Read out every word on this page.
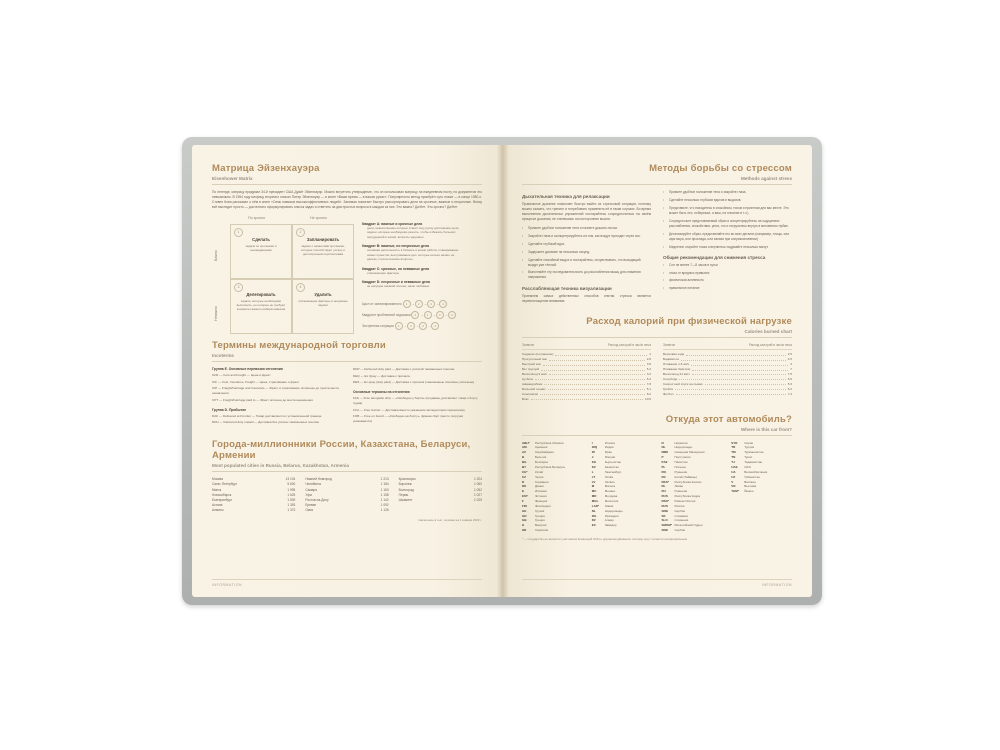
Матрица Эйзенхауэра
Eisenhower Matrix
По легенде, матрицу придумал 34-й президент США Дуайт Эйзенхауэр. Можно встретить утверждение, что он использовал матрицу на ежедневном посту, но документов это невозможно. В 1954 году матрицу вторично описал Питер Эйзенхауэр — в книге «Ваше время — в ваших руках». Популярность метод приобрёл чуть позже — в конце 1980-х. Стивен Кови рассказал о нём в книге «Семь навыков высокоэффективных людей». Занимая помогает быстро рассортировать дела на срочные, важные и несрочные. Внизу всё выглядит просто — достаточно сформулировать список задач и ответить на два простых вопроса в каждом из них: Это важно? Да/Нет. Это срочно? Да/Нет
По срочно	Не срочно
Важно
Неважно
1
Сделать
задачи со срочными и неожиданными
2
Запланировать
задачи с немногими срочными, которые способствуют успеху и долгосрочным перспективам
3
Делегировать
задачи, которые необходимо выполнить, но которые не требуют конкретно вашего набора навыков
4
Удалить
отвлекающие факторы и ненужные задачи
Квадрат A: важные и срочные дела
дела, невыполнение которых ставит под угрозу достижение цели; задачи, которые необходимо решить, чтобы избежать больших затруднений в жизни; вопросы здоровья
Квадрат B: важные, но несрочные дела
основная деятельность в бизнесе и жизни работа; планирование новых проектов; выстраивание дел, которые нельзя начать не далеко; стратегические вопросы
Квадрат C: срочные, но неважные дела
отвлекающие факторы
Квадрат D: несрочные и неважные дела
не несущие никакой пользы; наши любимые
Цикл от запланированного 1 → 2 → 3 → 4
Квадрант проблемной подсказки 2 → 1 → 3 → 4
Экстренная ситуация 1 → 3 → 2 → 4
Термины международной торговли
Incoterms
Группа E. Основные перевозки отгонения
CFR — Cost and Freight — Цена и фрахт
CIF — Cost, Insurance, Freight — Цена, страхование и фрахт
CIP — Freight/Carriage and Insurance — Фрахт и страхование оплачены до пункта места назначения
CPT — Freight/Carriage paid to — Фрахт оплачен до места назначения
Группа D. Прибытие
DAF — Delivered at Frontier — Товар доставляется к установленной границе
DDU — Delivered duty unpaid — Доставка без уплаты таможенных пошлин
DDP — Delivered duty paid — Доставка с уплатой таможенных пошлин
DEQ — Ex Quay — Доставка с причала
DES — Ex quay (duty paid) — Доставка с причала (таможенные пошлины уплачены)
Основные термины на отгонения
FAS — Free alongside ship — «Свободно у борта» (продавец доставляет товар к борту судна)
FCA — Free Carrier — Доставка вместо указанном экспедитором перевозчику
FOB — Free on board — «Свободно на борту», франко-борт (место погрузки указывается)
Города-миллионники России, Казахстана, Беларуси, Армении
Most populated cities in Russia, Belarus, Kazakhstan, Armenia
Москва	13 104
Санкт-Петербург	5 600
Минск	1 995
Новосибирск	1 625
Екатеринбург	1 539
Астана	1 393
Алматы	1 373
Нижний Новгород	1 213
Челябинск	1 184
Самара	1 163
Уфа	1 158
Ростов-на-Дону	1 142
Ереван	1 092
Омск	1 126
Красноярск	1 204
Воронеж	1 060
Волгоград	1 052
Пермь	1 027
Шымкент	1 025
Население в тыс. человек на 1 января 2023 г.
INFORMATION
Методы борьбы со стрессом
Methods against stress
Дыхательная техника для релаксации
Правильное дыхание позволяет быстро выйти из стрессовой ситуации, поэтому можно сказать, что тренинг и потребовать применить её в такие случаях. Во время выполнения дыхательных упражнений постарайтесь сосредоточиться на своём процессе дыхания, не отвлекаясь на посторонние мысли.
• Примите удобное положение тела и начните дышать носом.
• Закройте глаза и сконцентрируйтесь на том, как воздух проходит через нос.
• Сделайте глубокий вдох.
• Задержите дыхание на несколько секунд.
• Сделайте спокойный выдох и постарайтесь, почувствовать, что выходящий воздух уже тёплый.
• Выполняйте эту последовательность до расслабления мышц для снижения напряжения.
Расслабляющая техника визуализации
Приемлем самых действенных способов снятия стресса является перевоплощение внимания.
• Примите удобное положение тела и закройте глаза.
• Сделайте несколько глубоких вдохов и выдохов.
• Представьте, что находитесь в спокойном, тихом и приятном для вас месте. Это может быть лес, побережье, а ваш, на плояние в т.ч.)
• Сосредоточьте представляемый образ и концентрируйтесь на ощущениях расслабления, спокойствия, уюта, что и погрузитесь внутрь в мгновения глубже.
• Детализируйте образ, представляйте его во всех деталях (например, птицы, или шум моря, или прохлада, или запахи при соприкосновении)
• Медленно откройте глаза и вернитесь подумайте несколько минут.
Общие рекомендации для снижения стресса
• Сон не менее 7—8 часов в сутки
• отказ от вредных привычек
• физическая активность
• правильное питание
Расход калорий при физической нагрузке
Calories burned chart
Занятие	Расход калорий в час/кг веса
Сидение (положение)	1
Прогулочный шаг	2.8
Быстрый шаг	3.8
Бег трусцой	5.4
Велосипед 9 км/ч	3.2
Ау-йога	6.4
Аквааэробика	7.8
Большой теннис	5.1
Альпинизм	8.2
Бокс	10.6
Занятие	Расход калорий в час/кг веса
Верховая езда	2.5
Бадминтон	4.5
Плавание 1.6 км/ч	3
Плавание брассом	7
Велосипед 21 км/ч	7.5
Сноуборд	5.6
Скоростной спуск на лыжах	5.3
Гребля	5.2
Футбол	7.4
Откуда этот автомобиль?
Where is this car from?
ABH*	Республика Абхазия
AM	Армения
AZ	Азербайджан
B	Бельгия
BG	Болгария
BY	Республика Беларусь
CH*	Китай
CZ	Чехия
D	Германия
DK	Дания
E	Испания
EST	Эстония
F	Франция
FIN	Финляндия
GE	Грузия
GR	Греция
GB	Греция
H	Венгрия
HR	Хорватия
I	Италия
IRQ	Индия
IR	Иран
J	Япония
KG	Кыргызстан
KZ	Казахстан
L	Люксембург
LT	Литва
LV	Латвия
M	Мальта
MC	Монако
MD	Молдова
MGL	Монголия
LAR*	Ливия
NL	Нидерланды
IRL	Ирландия
DZ	Алжир
EC	Эквадор
N	Норвегия
NL	Нидерланды
NMK	Северная Македония
P	Португалия
PАК	Пакистан
PL	Польша
RO	Румыния
RC	Китай (Тайвань)
RKS*	Республика Косово
RL	Ливан
RU	Румыния
RUS	Республика Кодра
RSO*	Южная Осетия
RUS	Россия
SRB	Сербия
SK	Словакия
SLO	Словения
SMOM* Мальтийский Орден
SRB	Сербия
SYR	Сирия
TR	Турция
TM	Туркменистан
TN	Тунис
TJ	Таджикистан
UAE	ОАЭ
UA	Великобритания
UZ	Узбекистан
V	Ватикан
VN	Вьетнам
YEM*	Йемен
* — государство не является участником Конвенций ООН о дорожном движении, поэтому под с читается неофициальным
INFORMATION
